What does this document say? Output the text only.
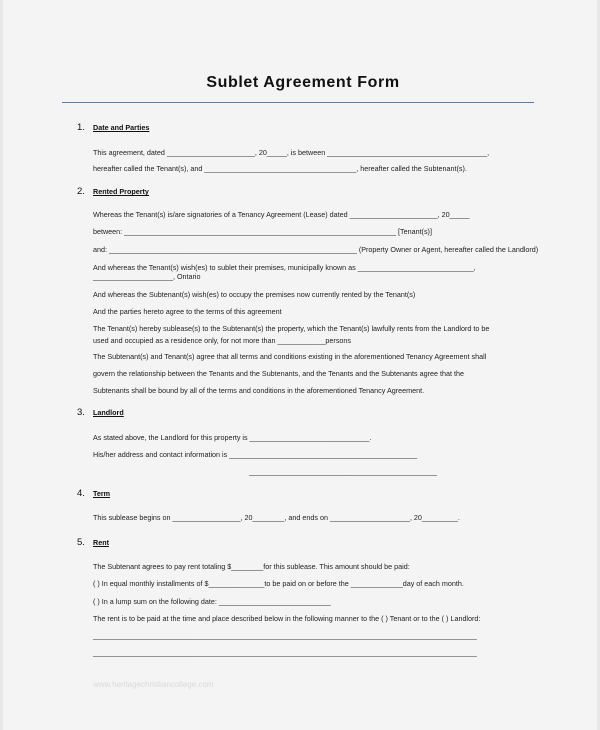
Sublet Agreement Form
1. Date and Parties
This agreement, dated ______________________, 20_____, is between ________________________________________,
hereafter called the Tenant(s), and ______________________________________, hereafter called the Subtenant(s).
2. Rented Property
Whereas the Tenant(s) is/are signatories of a Tenancy Agreement (Lease) dated ______________________, 20_____
between: ____________________________________________________________________ [Tenant(s)]
and: ______________________________________________________________ (Property Owner or Agent, hereafter called the Landlord)
And whereas the Tenant(s) wish(es) to sublet their premises, municipally known as _____________________________,
____________________, Ontario
And whereas the Subtenant(s) wish(es) to occupy the premises now currently rented by the Tenant(s)
And the parties hereto agree to the terms of this agreement
The Tenant(s) hereby sublease(s) to the Subtenant(s) the property, which the Tenant(s) lawfully rents from the Landlord to be
used and occupied as a residence only, for not more than ____________persons
The Subtenant(s) and Tenant(s) agree that all terms and conditions existing in the aforementioned Tenancy Agreement shall
govern the relationship between the Tenants and the Subtenants, and the Tenants and the Subtenants agree that the
Subtenants shall be bound by all of the terms and conditions in the aforementioned Tenancy Agreement.
3. Landlord
As stated above, the Landlord for this property is ______________________________.
His/her address and contact information is _______________________________________________
_______________________________________________
4. Term
This sublease begins on _________________, 20________, and ends on ____________________, 20_________.
5. Rent
The Subtenant agrees to pay rent totaling $________for this sublease. This amount should be paid:
( ) In equal monthly installments of $______________to be paid on or before the _____________day of each month.
( ) In a lump sum on the following date: ____________________________
The rent is to be paid at the time and place described below in the following manner to the ( ) Tenant or to the ( ) Landlord:
________________________________________________________________________________________________
________________________________________________________________________________________________
www.heritagechristiancollege.com
